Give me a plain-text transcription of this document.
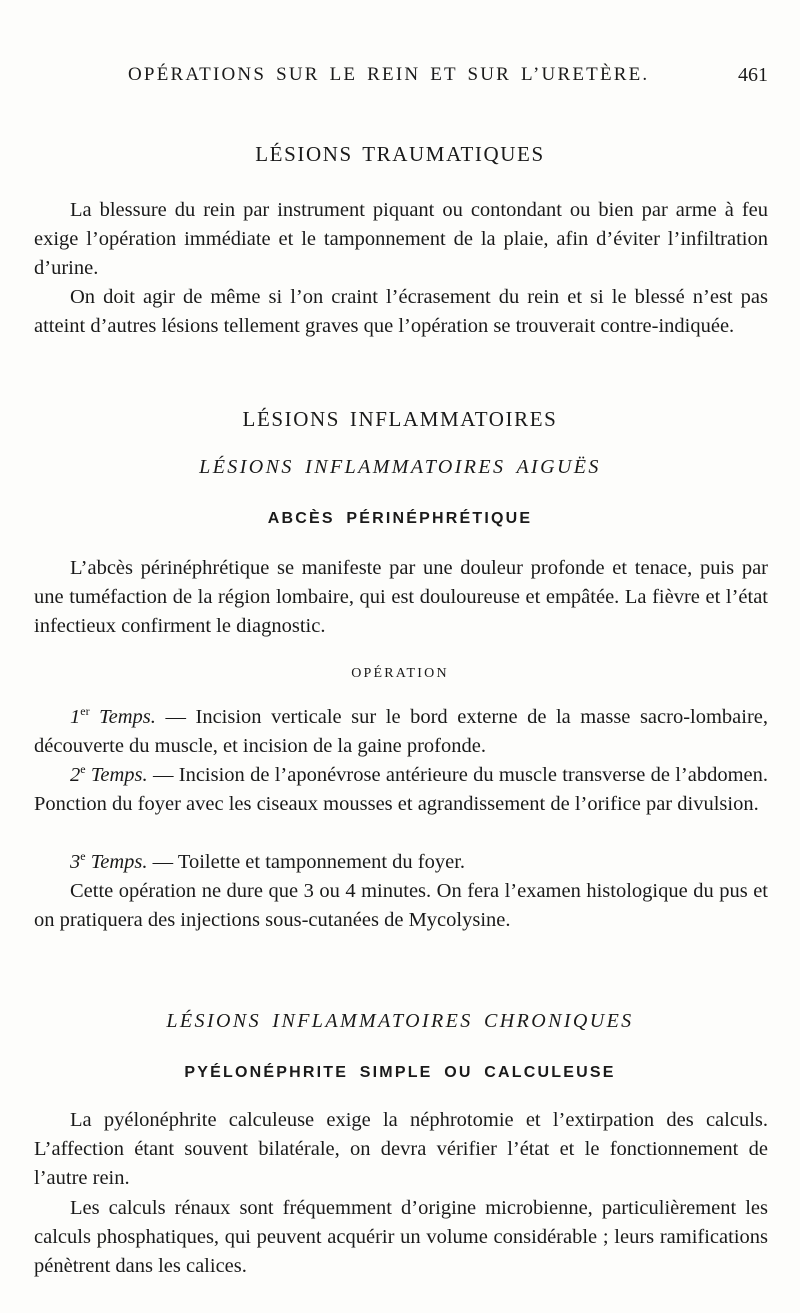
OPÉRATIONS SUR LE REIN ET SUR L’URETÈRE.	461
LÉSIONS TRAUMATIQUES

La blessure du rein par instrument piquant ou contondant ou bien par arme à feu exige l’opération immédiate et le tamponnement de la plaie, afin d’éviter l’infiltration d’urine.

On doit agir de même si l’on craint l’écrasement du rein et si le blessé n’est pas atteint d’autres lésions tellement graves que l’opération se trouverait contre-indiquée.

LÉSIONS INFLAMMATOIRES
LÉSIONS INFLAMMATOIRES AIGUËS
ABCÈS PÉRINÉPHRÉTIQUE

L’abcès périnéphrétique se manifeste par une douleur profonde et tenace, puis par une tuméfaction de la région lombaire, qui est douloureuse et empâtée. La fièvre et l’état infectieux confirment le diagnostic.

OPÉRATION

1er Temps. — Incision verticale sur le bord externe de la masse sacro-lombaire, découverte du muscle, et incision de la gaine profonde.

2e Temps. — Incision de l’aponévrose antérieure du muscle transverse de l’abdomen. Ponction du foyer avec les ciseaux mousses et agrandissement de l’orifice par divulsion.

3e Temps. — Toilette et tamponnement du foyer.

Cette opération ne dure que 3 ou 4 minutes. On fera l’examen histologique du pus et on pratiquera des injections sous-cutanées de Mycolysine.

LÉSIONS INFLAMMATOIRES CHRONIQUES
PYÉLONÉPHRITE SIMPLE OU CALCULEUSE

La pyélonéphrite calculeuse exige la néphrotomie et l’extirpation des calculs. L’affection étant souvent bilatérale, on devra vérifier l’état et le fonctionnement de l’autre rein.

Les calculs rénaux sont fréquemment d’origine microbienne, particulièrement les calculs phosphatiques, qui peuvent acquérir un volume considérable ; leurs ramifications pénètrent dans les calices.
